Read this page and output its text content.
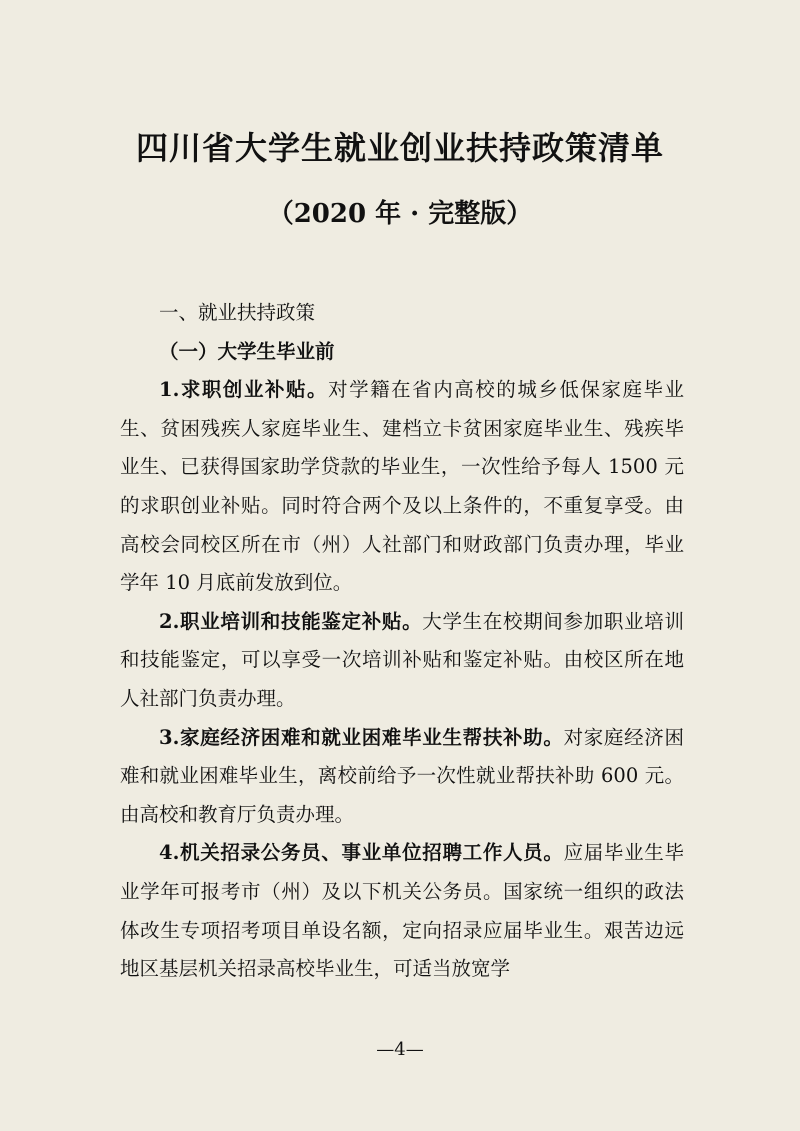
四川省大学生就业创业扶持政策清单
（2020 年 · 完整版）

一、就业扶持政策

（一）大学生毕业前

1.求职创业补贴。对学籍在省内高校的城乡低保家庭毕业生、贫困残疾人家庭毕业生、建档立卡贫困家庭毕业生、残疾毕业生、已获得国家助学贷款的毕业生，一次性给予每人 1500 元的求职创业补贴。同时符合两个及以上条件的，不重复享受。由高校会同校区所在市（州）人社部门和财政部门负责办理，毕业学年 10 月底前发放到位。

2.职业培训和技能鉴定补贴。大学生在校期间参加职业培训和技能鉴定，可以享受一次培训补贴和鉴定补贴。由校区所在地人社部门负责办理。

3.家庭经济困难和就业困难毕业生帮扶补助。对家庭经济困难和就业困难毕业生，离校前给予一次性就业帮扶补助 600 元。由高校和教育厅负责办理。

4.机关招录公务员、事业单位招聘工作人员。应届毕业生毕业学年可报考市（州）及以下机关公务员。国家统一组织的政法体改生专项招考项目单设名额，定向招录应届毕业生。艰苦边远地区基层机关招录高校毕业生，可适当放宽学

—4—
